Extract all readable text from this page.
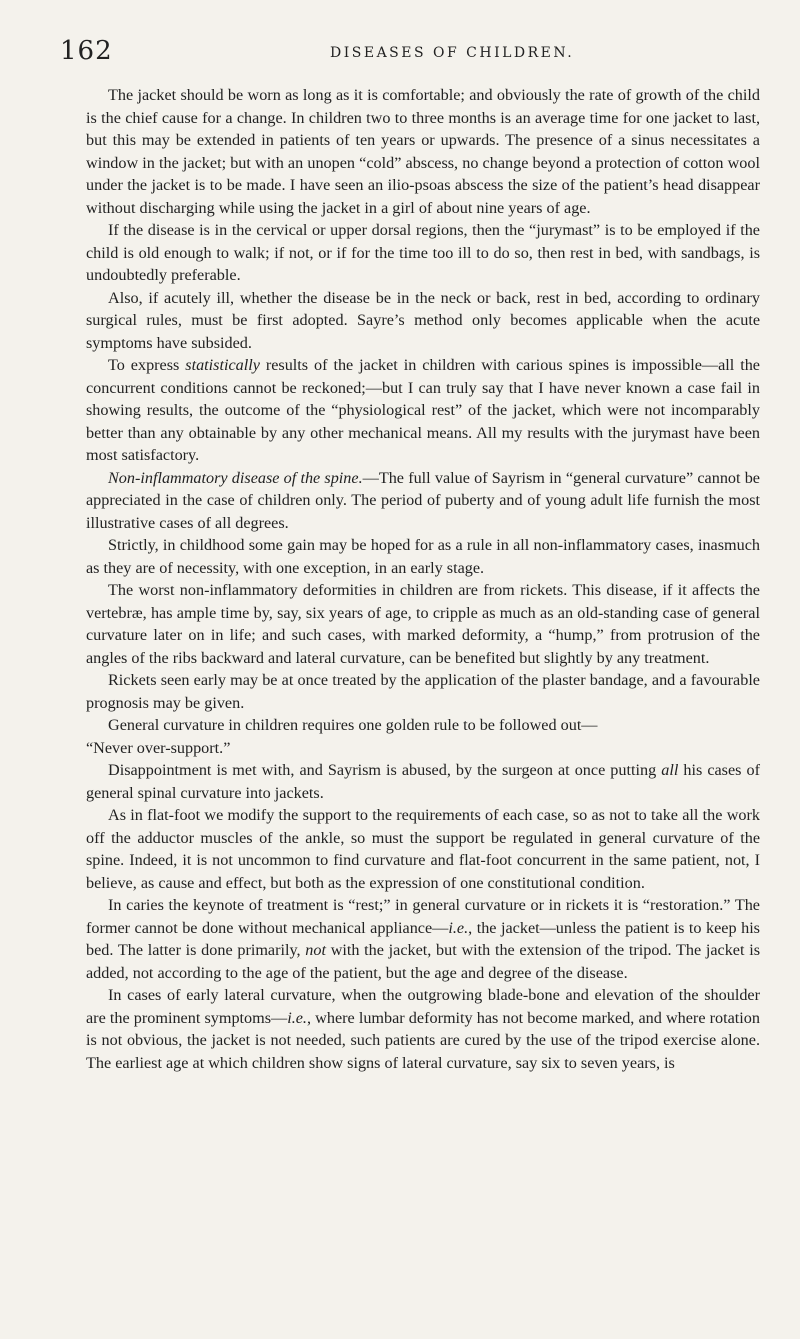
162	DISEASES OF CHILDREN.

The jacket should be worn as long as it is comfortable; and obviously the rate of growth of the child is the chief cause for a change. In children two to three months is an average time for one jacket to last, but this may be extended in patients of ten years or upwards. The presence of a sinus necessitates a window in the jacket; but with an unopen “cold” abscess, no change beyond a protection of cotton wool under the jacket is to be made. I have seen an ilio-psoas abscess the size of the patient’s head disappear without discharging while using the jacket in a girl of about nine years of age.

If the disease is in the cervical or upper dorsal regions, then the “jurymast” is to be employed if the child is old enough to walk; if not, or if for the time too ill to do so, then rest in bed, with sandbags, is undoubtedly preferable.

Also, if acutely ill, whether the disease be in the neck or back, rest in bed, according to ordinary surgical rules, must be first adopted. Sayre’s method only becomes applicable when the acute symptoms have subsided.

To express statistically results of the jacket in children with carious spines is impossible—all the concurrent conditions cannot be reckoned;—but I can truly say that I have never known a case fail in showing results, the outcome of the “physiological rest” of the jacket, which were not incomparably better than any obtainable by any other mechanical means. All my results with the jurymast have been most satisfactory.

Non-inflammatory disease of the spine.—The full value of Sayrism in “general curvature” cannot be appreciated in the case of children only. The period of puberty and of young adult life furnish the most illustrative cases of all degrees.

Strictly, in childhood some gain may be hoped for as a rule in all non-inflammatory cases, inasmuch as they are of necessity, with one exception, in an early stage.

The worst non-inflammatory deformities in children are from rickets. This disease, if it affects the vertebræ, has ample time by, say, six years of age, to cripple as much as an old-standing case of general curvature later on in life; and such cases, with marked deformity, a “hump,” from protrusion of the angles of the ribs backward and lateral curvature, can be benefited but slightly by any treatment.

Rickets seen early may be at once treated by the application of the plaster bandage, and a favourable prognosis may be given.

General curvature in children requires one golden rule to be followed out—

“Never over-support.”

Disappointment is met with, and Sayrism is abused, by the surgeon at once putting all his cases of general spinal curvature into jackets.

As in flat-foot we modify the support to the requirements of each case, so as not to take all the work off the adductor muscles of the ankle, so must the support be regulated in general curvature of the spine. Indeed, it is not uncommon to find curvature and flat-foot concurrent in the same patient, not, I believe, as cause and effect, but both as the expression of one constitutional condition.

In caries the keynote of treatment is “rest;” in general curvature or in rickets it is “restoration.” The former cannot be done without mechanical appliance—i.e., the jacket—unless the patient is to keep his bed. The latter is done primarily, not with the jacket, but with the extension of the tripod. The jacket is added, not according to the age of the patient, but the age and degree of the disease.

In cases of early lateral curvature, when the outgrowing blade-bone and elevation of the shoulder are the prominent symptoms—i.e., where lumbar deformity has not become marked, and where rotation is not obvious, the jacket is not needed, such patients are cured by the use of the tripod exercise alone. The earliest age at which children show signs of lateral curvature, say six to seven years, is
